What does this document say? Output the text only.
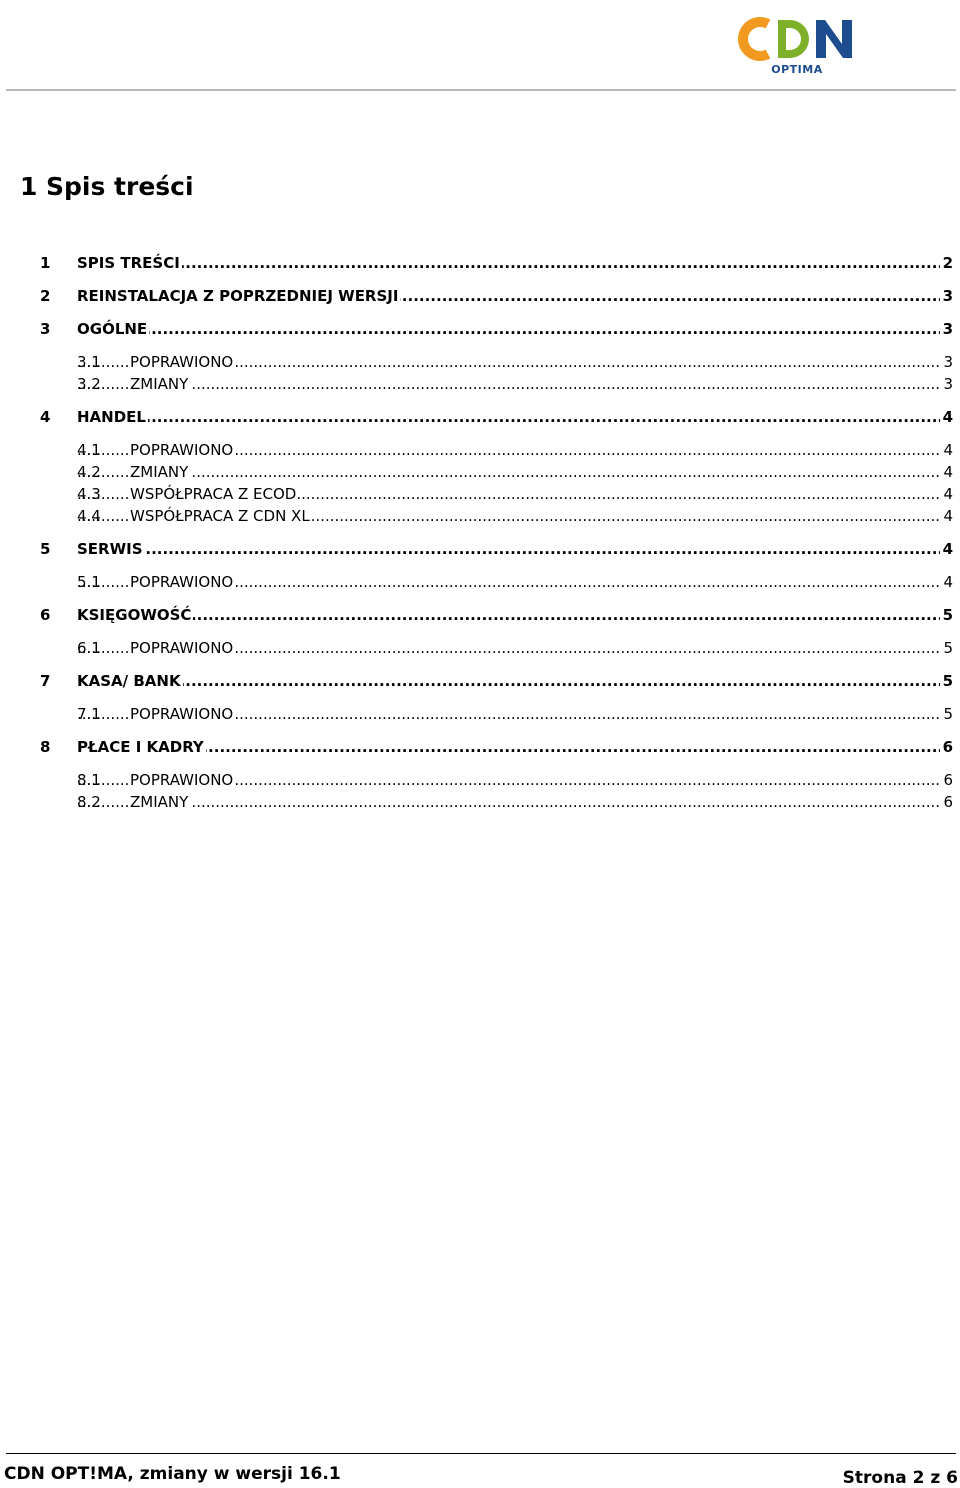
OPTIMA
1 Spis treści
1 ..... SPIS TREŚCI	2
2 ..... REINSTALACJA Z POPRZEDNIEJ WERSJI	3
3 ..... OGÓLNE	3
3.1 ..... POPRAWIONO	3
3.2 ..... ZMIANY	3
4 ..... HANDEL	4
4.1 ..... POPRAWIONO	4
4.2 ..... ZMIANY	4
4.3 ..... WSPÓŁPRACA Z ECOD	4
4.4 ..... WSPÓŁPRACA Z CDN XL	4
5 ..... SERWIS	4
5.1 ..... POPRAWIONO	4
6 ..... KSIĘGOWOŚĆ	5
6.1 ..... POPRAWIONO	5
7 ..... KASA/ BANK	5
7.1 ..... POPRAWIONO	5
8 ..... PŁACE I KADRY	6
8.1 ..... POPRAWIONO	6
8.2 ..... ZMIANY	6
CDN OPT!MA, zmiany w wersji 16.1	Strona 2 z 6
